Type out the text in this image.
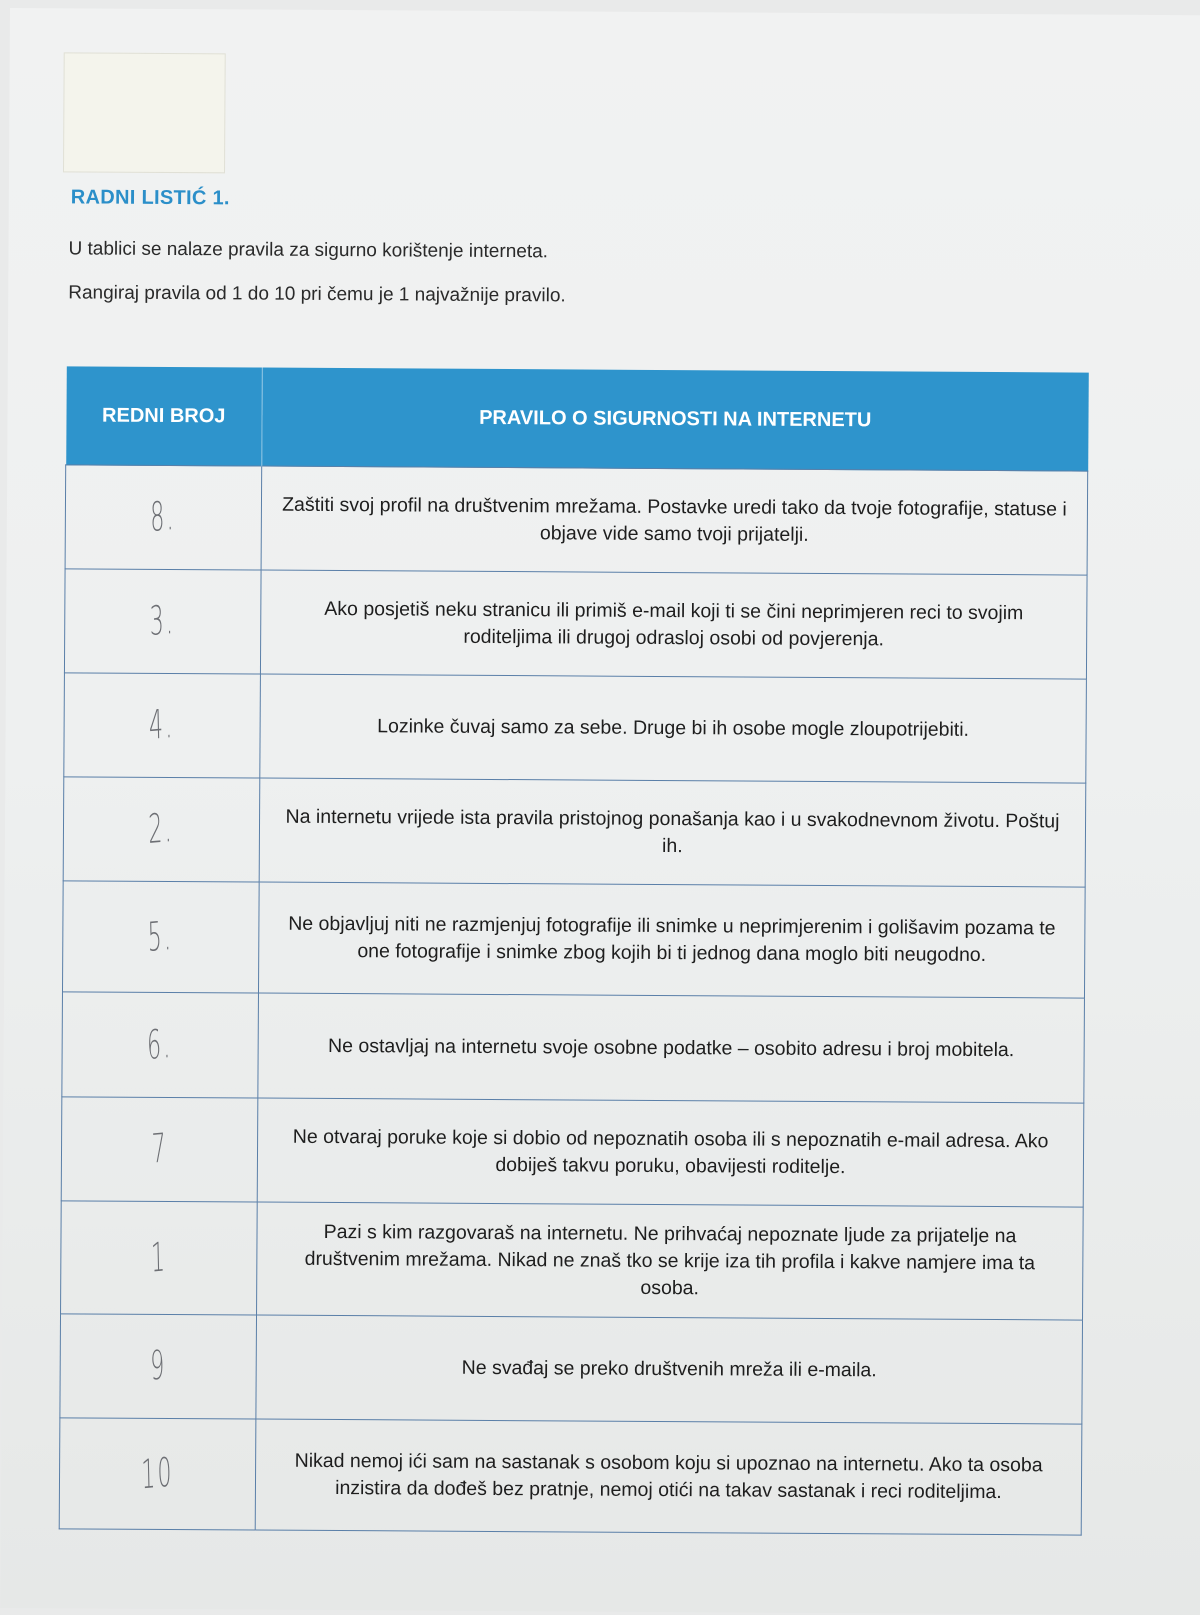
RADNI LISTIĆ 1.
U tablici se nalaze pravila za sigurno korištenje interneta.
Rangiraj pravila od 1 do 10 pri čemu je 1 najvažnije pravilo.
REDNI BROJ	PRAVILO O SIGURNOSTI NA INTERNETU
8.	Zaštiti svoj profil na društvenim mrežama. Postavke uredi tako da tvoje fotografije, statuse i objave vide samo tvoji prijatelji.
3.	Ako posjetiš neku stranicu ili primiš e-mail koji ti se čini neprimjeren reci to svojim roditeljima ili drugoj odrasloj osobi od povjerenja.
4.	Lozinke čuvaj samo za sebe. Druge bi ih osobe mogle zloupotrijebiti.
2.	Na internetu vrijede ista pravila pristojnog ponašanja kao i u svakodnevnom životu. Poštuj ih.
5.	Ne objavljuj niti ne razmjenjuj fotografije ili snimke u neprimjerenim i golišavim pozama te one fotografije i snimke zbog kojih bi ti jednog dana moglo biti neugodno.
6.	Ne ostavljaj na internetu svoje osobne podatke – osobito adresu i broj mobitela.
7	Ne otvaraj poruke koje si dobio od nepoznatih osoba ili s nepoznatih e-mail adresa. Ako dobiješ takvu poruku, obavijesti roditelje.
1	Pazi s kim razgovaraš na internetu. Ne prihvaćaj nepoznate ljude za prijatelje na društvenim mrežama. Nikad ne znaš tko se krije iza tih profila i kakve namjere ima ta osoba.
9	Ne svađaj se preko društvenih mreža ili e-maila.
10	Nikad nemoj ići sam na sastanak s osobom koju si upoznao na internetu. Ako ta osoba inzistira da dođeš bez pratnje, nemoj otići na takav sastanak i reci roditeljima.
